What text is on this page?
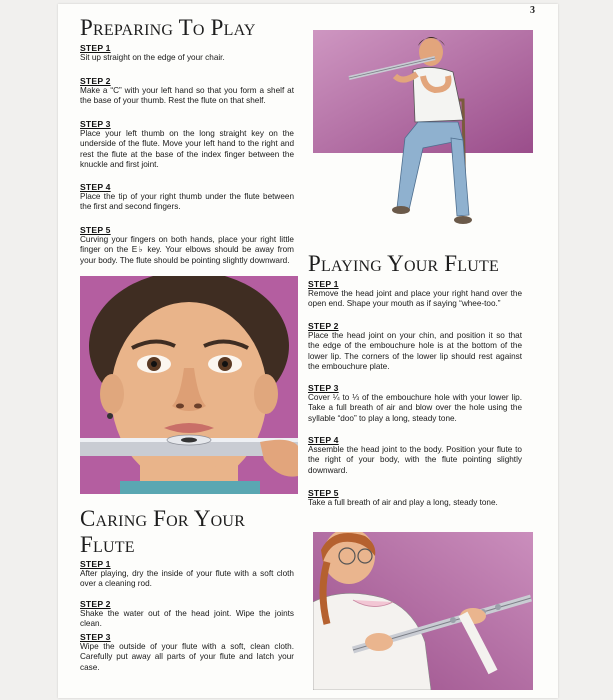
3
Preparing To Play
STEP 1
Sit up straight on the edge of your chair.
STEP 2
Make a “C” with your left hand so that you form a shelf at the base of your thumb. Rest the flute on that shelf.
STEP 3
Place your left thumb on the long straight key on the underside of the flute. Move your left hand to the right and rest the flute at the base of the index finger between the knuckle and first joint.
STEP 4
Place the tip of your right thumb under the flute between the first and second fingers.
STEP 5
Curving your fingers on both hands, place your right little finger on the E♭ key. Your elbows should be away from your body. The flute should be pointing slightly downward. Playing Your Flute
STEP 1
Remove the head joint and place your right hand over the open end. Shape your mouth as if saying “whee-too.”
STEP 2
Place the head joint on your chin, and position it so that the edge of the embouchure hole is at the bottom of the lower lip. The corners of the lower lip should rest against the embouchure plate.
STEP 3
Cover ¼ to ⅓ of the embouchure hole with your lower lip. Take a full breath of air and blow over the hole using the syllable “doo” to play a long, steady tone.
STEP 4
Assemble the head joint to the body. Position your flute to the right of your body, with the flute pointing slightly downward.
STEP 5
Take a full breath of air and play a long, steady tone.
Caring For Your
Flute
STEP 1
After playing, dry the inside of your flute with a soft cloth over a cleaning rod.
STEP 2
Shake the water out of the head joint. Wipe the joints clean.
STEP 3
Wipe the outside of your flute with a soft, clean cloth. Carefully put away all parts of your flute and latch your case.
